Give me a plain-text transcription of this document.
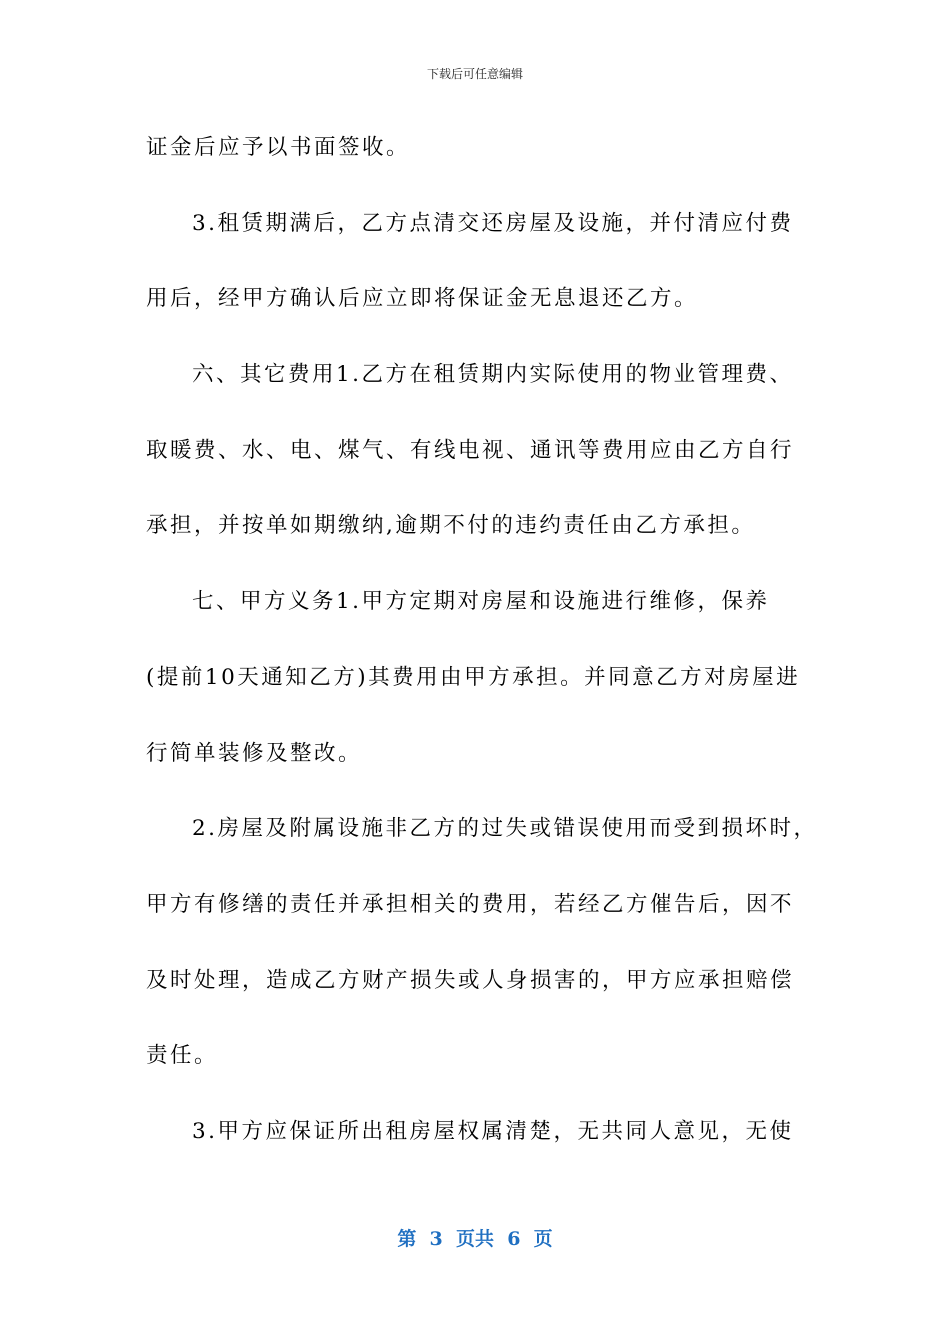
下载后可任意编辑
证金后应予以书面签收。
3.租赁期满后，乙方点清交还房屋及设施，并付清应付费
用后，经甲方确认后应立即将保证金无息退还乙方。
六、其它费用1.乙方在租赁期内实际使用的物业管理费、
取暖费、水、电、煤气、有线电视、通讯等费用应由乙方自行
承担，并按单如期缴纳,逾期不付的违约责任由乙方承担。
七、甲方义务1.甲方定期对房屋和设施进行维修，保养
(提前10天通知乙方)其费用由甲方承担。并同意乙方对房屋进
行简单装修及整改。
2.房屋及附属设施非乙方的过失或错误使用而受到损坏时，
甲方有修缮的责任并承担相关的费用，若经乙方催告后，因不
及时处理，造成乙方财产损失或人身损害的，甲方应承担赔偿
责任。
3.甲方应保证所出租房屋权属清楚，无共同人意见，无使
第  3  页共  6  页
